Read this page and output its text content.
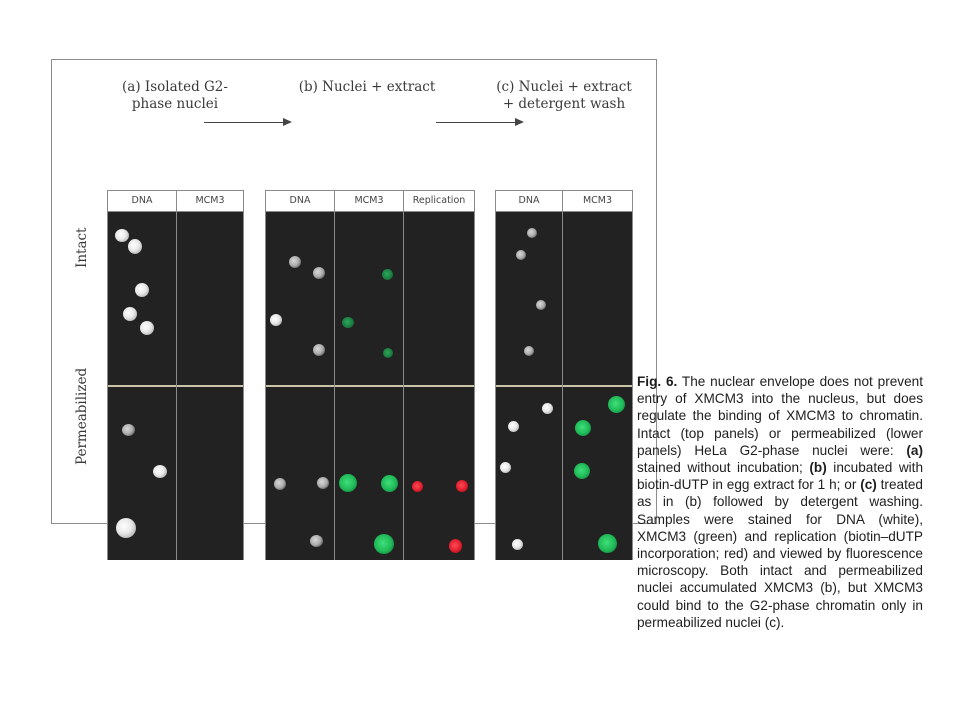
(a) Isolated G2-
phase nuclei
(b) Nuclei + extract	(c) Nuclei + extract
+ detergent wash
Intact
Permeabilized
DNA	MCM3	DNA	MCM3	Replication	DNA	MCM3
Fig. 6. The nuclear envelope does not prevent entry of XMCM3 into the nucleus, but does regulate the binding of XMCM3 to chromatin. Intact (top panels) or permeabilized (lower panels) HeLa G2-phase nuclei were: (a) stained without incubation; (b) incubated with biotin-dUTP in egg extract for 1 h; or (c) treated as in (b) followed by detergent washing. Samples were stained for DNA (white), XMCM3 (green) and replication (biotin–dUTP incorporation; red) and viewed by fluorescence microscopy. Both intact and permeabilized nuclei accumulated XMCM3 (b), but XMCM3 could bind to the G2-phase chromatin only in permeabilized nuclei (c).
